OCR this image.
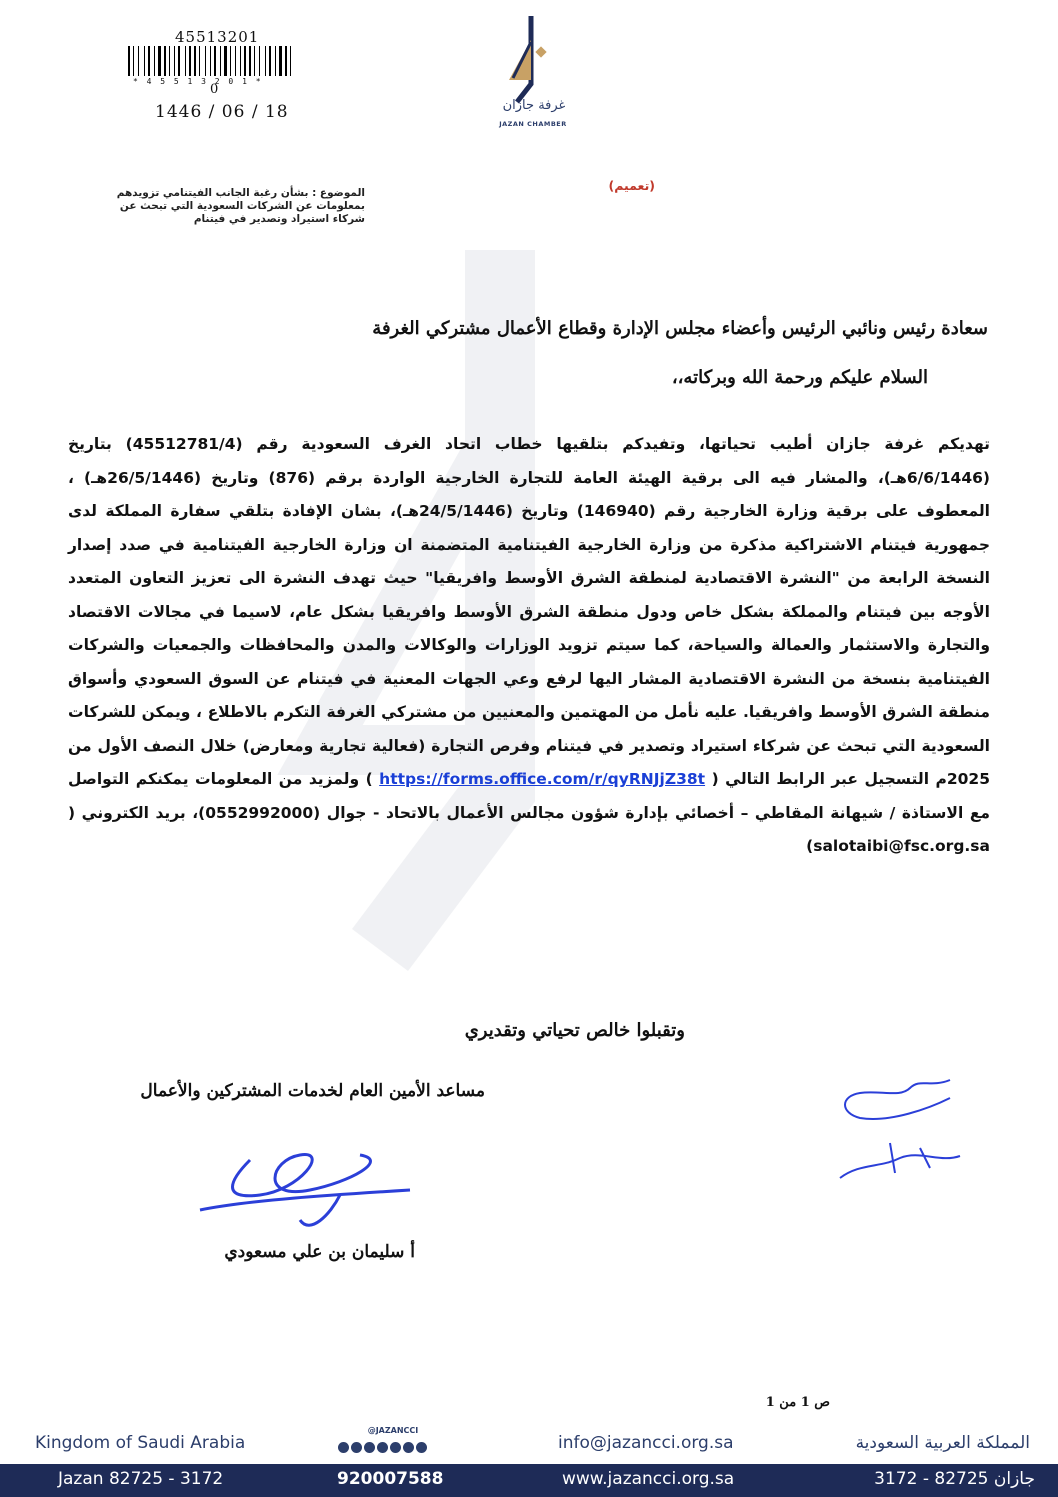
45513201
* 4 5 5 1 3 2 0 1 *
0
1446 / 06 / 18	غرفة جازان
JAZAN CHAMBER
(تعميم)
الموضوع : بشأن رغبة الجانب الفيتنامي تزويدهم بمعلومات عن الشركات السعودية التي تبحث عن شركاء استيراد وتصدير في فيتنام
سعادة رئيس ونائبي الرئيس وأعضاء مجلس الإدارة وقطاع الأعمال مشتركي الغرفة
السلام عليكم ورحمة الله وبركاته،،
تهديكم غرفة جازان أطيب تحياتها، وتفيدكم بتلقيها خطاب اتحاد الغرف السعودية رقم (45512781/4) بتاريخ (6/6/1446هـ)، والمشار فيه الى برقية الهيئة العامة للتجارة الخارجية الواردة برقم (876) وتاريخ (26/5/1446هـ) ، المعطوف على برقية وزارة الخارجية رقم (146940) وتاريخ (24/5/1446هـ)، بشان الإفادة بتلقي سفارة المملكة لدى جمهورية فيتنام الاشتراكية مذكرة من وزارة الخارجية الفيتنامية المتضمنة ان وزارة الخارجية الفيتنامية في صدد إصدار النسخة الرابعة من "النشرة الاقتصادية لمنطقة الشرق الأوسط وافريقيا" حيث تهدف النشرة الى تعزيز التعاون المتعدد الأوجه بين فيتنام والمملكة بشكل خاص ودول منطقة الشرق الأوسط وافريقيا بشكل عام، لاسيما في مجالات الاقتصاد والتجارة والاستثمار والعمالة والسياحة، كما سيتم تزويد الوزارات والوكالات والمدن والمحافظات والجمعيات والشركات الفيتنامية بنسخة من النشرة الاقتصادية المشار اليها لرفع وعي الجهات المعنية في فيتنام عن السوق السعودي وأسواق منطقة الشرق الأوسط وافريقيا. عليه نأمل من المهتمين والمعنيين من مشتركي الغرفة التكرم بالاطلاع ، ويمكن للشركات السعودية التي تبحث عن شركاء استيراد وتصدير في فيتنام وفرص التجارة (فعالية تجارية ومعارض) خلال النصف الأول من 2025م التسجيل عبر الرابط التالي ( https://forms.office.com/r/qyRNJjZ38t ) ولمزيد من المعلومات يمكنكم التواصل مع الاستاذة / شيهانة المقاطي – أخصائي بإدارة شؤون مجالس الأعمال بالاتحاد - جوال (0552992000)، بريد الكتروني ( salotaibi@fsc.org.sa)
وتقبلوا خالص تحياتي وتقديري
مساعد الأمين العام لخدمات المشتركين والأعمال
أ سليمان بن علي مسعودي
ص 1 من 1
Kingdom of Saudi Arabia
@JAZANCCI
info@jazancci.org.sa	المملكة العربية السعودية
Jazan 82725 - 3172	920007588	www.jazancci.org.sa	جازان 82725 - 3172
